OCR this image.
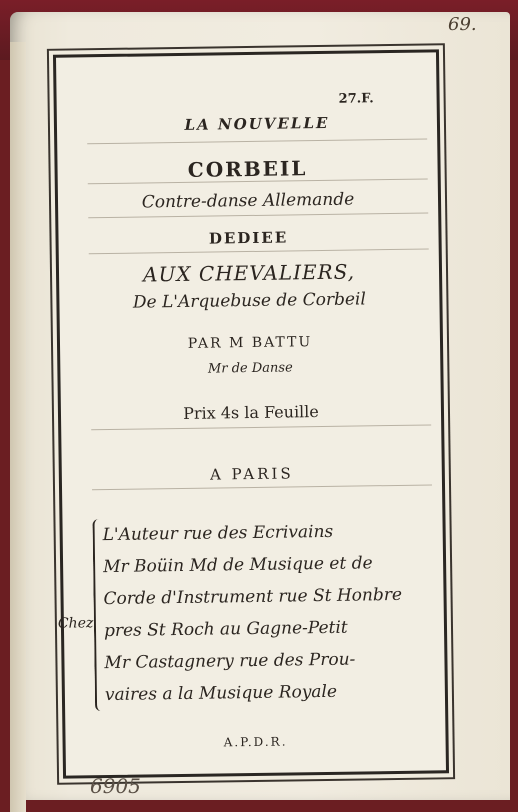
69.
27.F.
LA NOUVELLE
CORBEIL
Contre-danse Allemande
DEDIEE
AUX CHEVALIERS,
De L'Arquebuse de Corbeil
PAR M BATTU
Mr de Danse
Prix 4s la Feuille
A PARIS
Chez
L'Auteur rue des Ecrivains
Mr Boüin Md de Musique et de
Corde d'Instrument rue St Honbre
pres St Roch au Gagne-Petit
Mr Castagnery rue des Prou-
vaires a la Musique Royale
A.P.D.R.
6905
